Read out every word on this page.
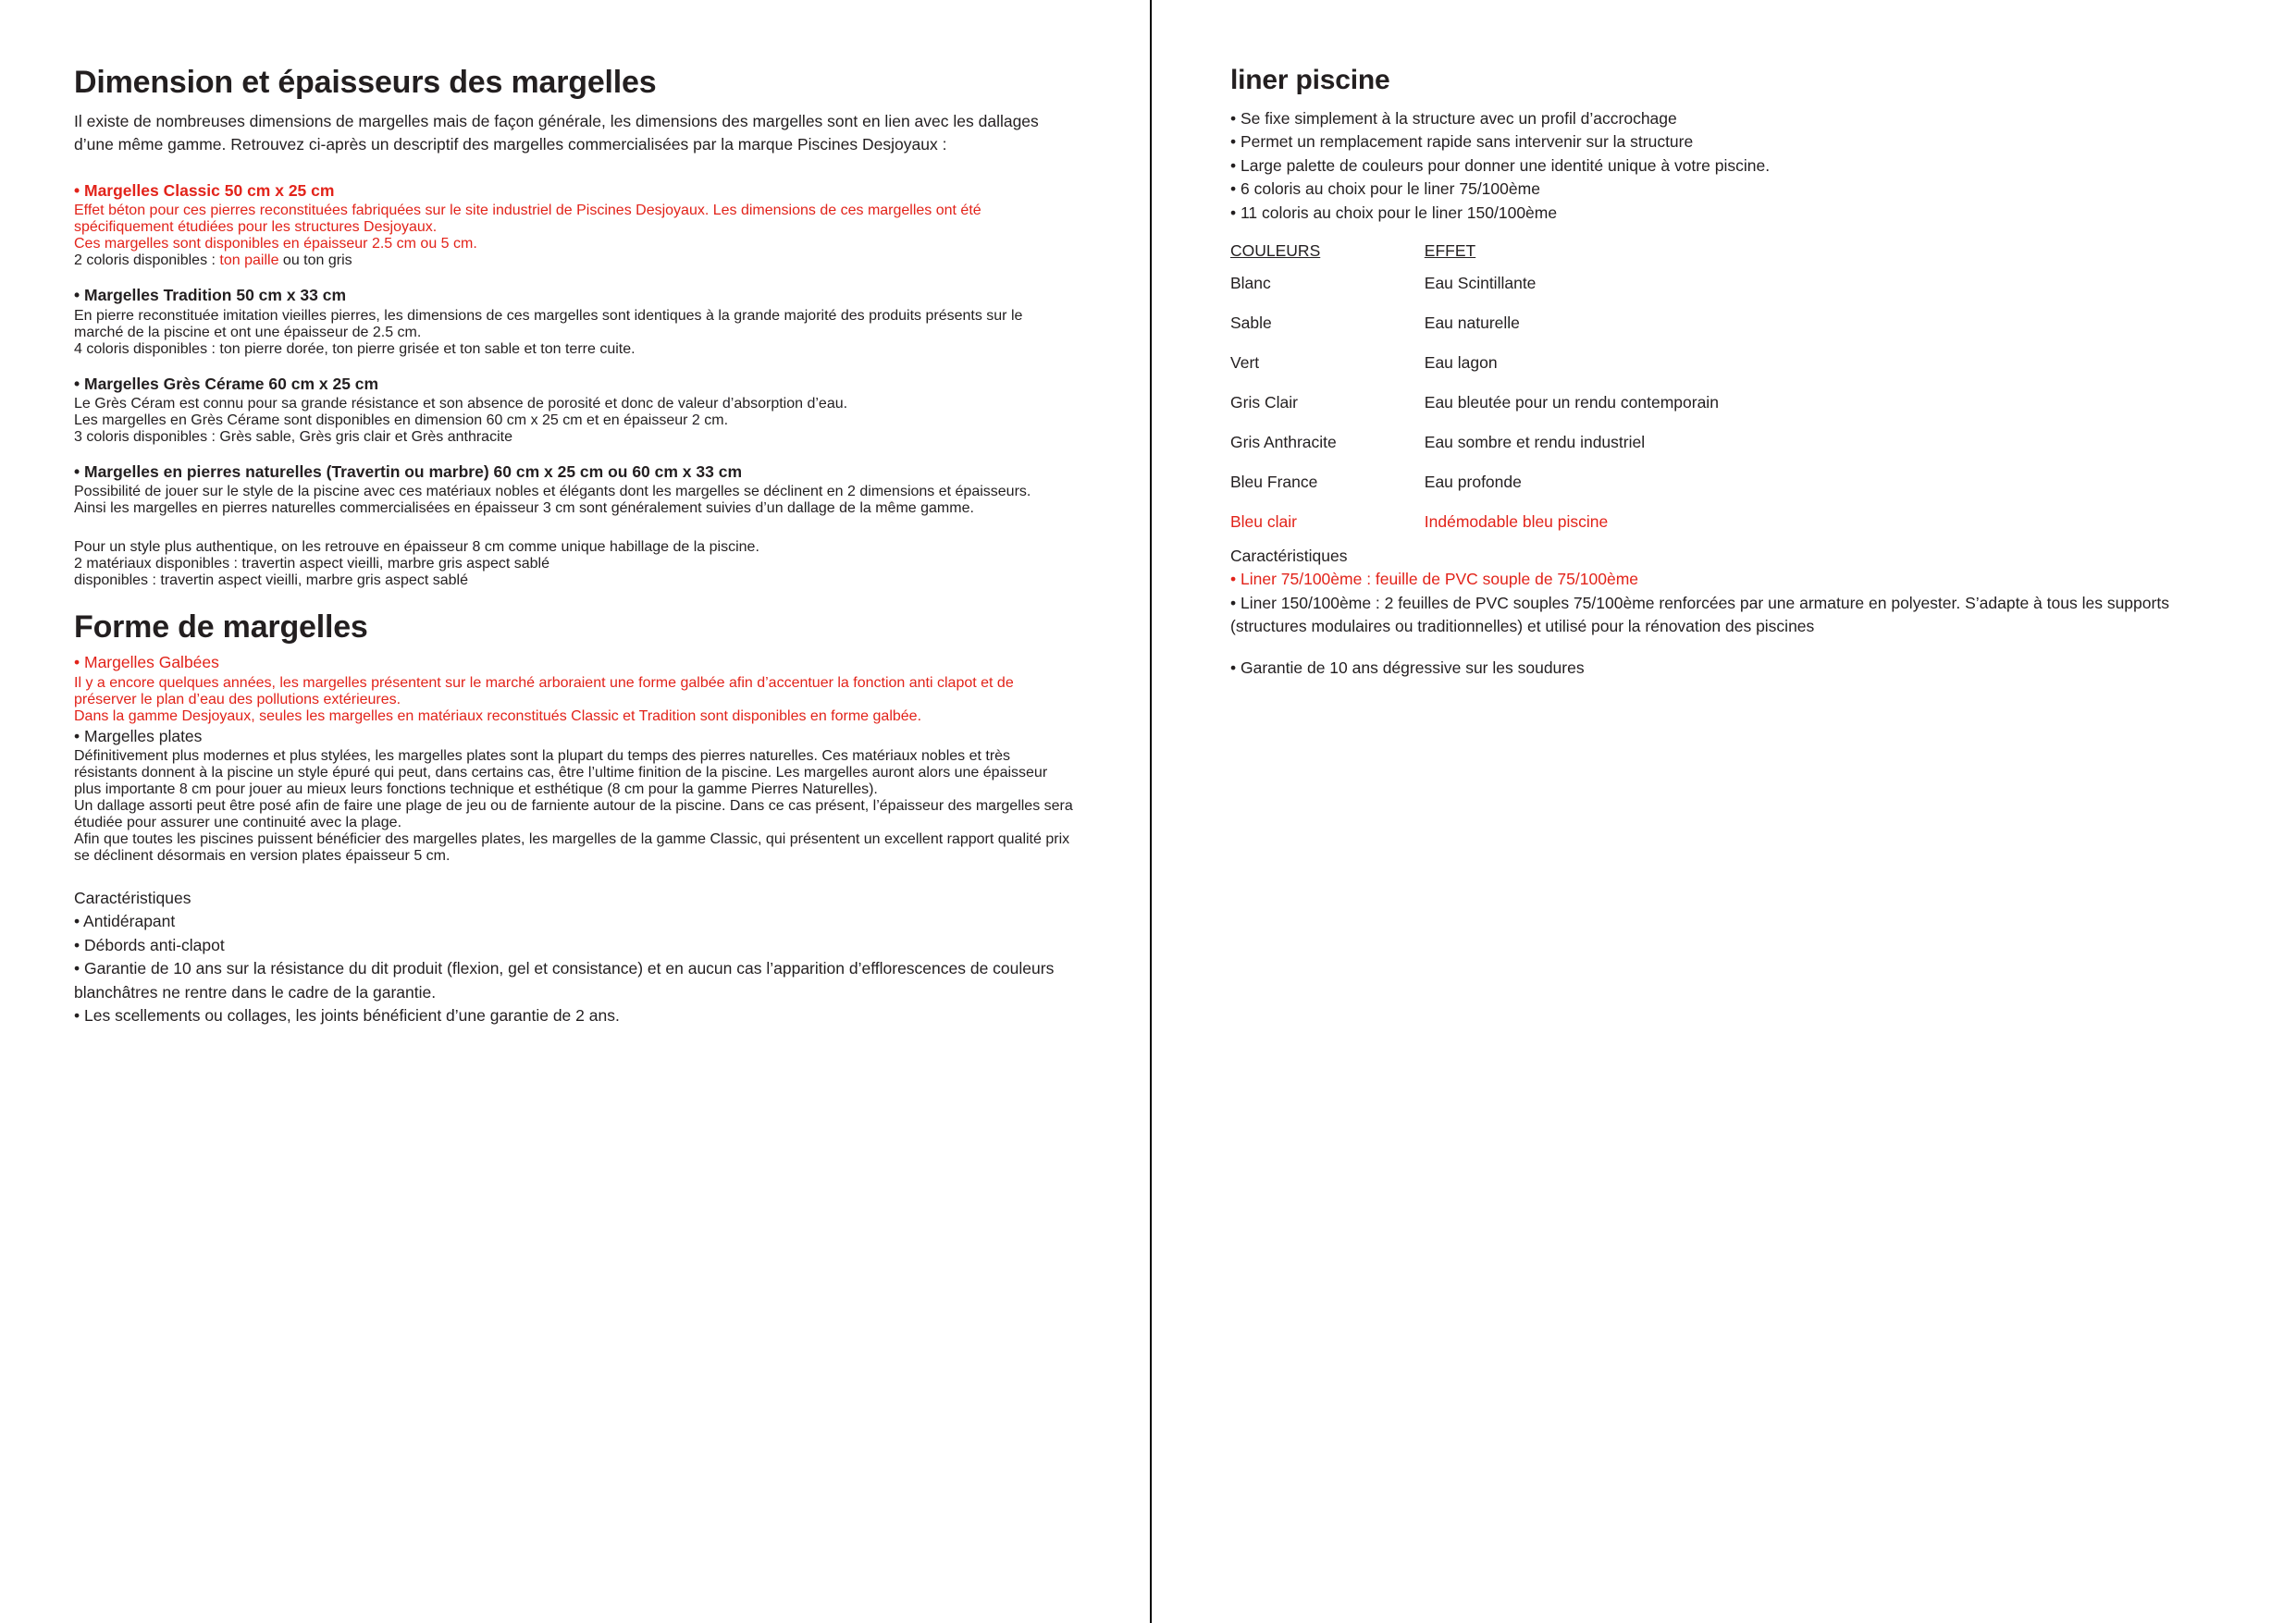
Dimension et épaisseurs des margelles

Il existe de nombreuses dimensions de margelles mais de façon générale, les dimensions des margelles sont en lien avec les dallages d’une même gamme. Retrouvez ci-après un descriptif des margelles commercialisées par la marque Piscines Desjoyaux :

• Margelles Classic 50 cm x 25 cm
Effet béton pour ces pierres reconstituées fabriquées sur le site industriel de Piscines Desjoyaux. Les dimensions de ces margelles ont été spécifiquement étudiées pour les structures Desjoyaux.
Ces margelles sont disponibles en épaisseur 2.5 cm ou 5 cm.
2 coloris disponibles : ton paille ou ton gris
• Margelles Tradition 50 cm x 33 cm
En pierre reconstituée imitation vieilles pierres, les dimensions de ces margelles sont identiques à la grande majorité des produits présents sur le marché de la piscine et ont une épaisseur de 2.5 cm.
4 coloris disponibles : ton pierre dorée, ton pierre grisée et ton sable et ton terre cuite.
• Margelles Grès Cérame 60 cm x 25 cm
Le Grès Céram est connu pour sa grande résistance et son absence de porosité et donc de valeur d’absorption d’eau.
Les margelles en Grès Cérame sont disponibles en dimension 60 cm x 25 cm et en épaisseur 2 cm.
3 coloris disponibles : Grès sable, Grès gris clair et Grès anthracite
• Margelles en pierres naturelles (Travertin ou marbre) 60 cm x 25 cm ou 60 cm x 33 cm
Possibilité de jouer sur le style de la piscine avec ces matériaux nobles et élégants dont les margelles se déclinent en 2 dimensions et épaisseurs.
Ainsi les margelles en pierres naturelles commercialisées en épaisseur 3 cm sont généralement suivies d’un dallage de la même gamme.
Pour un style plus authentique, on les retrouve en épaisseur 8 cm comme unique habillage de la piscine.
2 matériaux disponibles : travertin aspect vieilli, marbre gris aspect sablé
disponibles : travertin aspect vieilli, marbre gris aspect sablé
Forme de margelles
• Margelles Galbées
Il y a encore quelques années, les margelles présentent sur le marché arboraient une forme galbée afin d’accentuer la fonction anti clapot et de préserver le plan d’eau des pollutions extérieures.
Dans la gamme Desjoyaux, seules les margelles en matériaux reconstitués Classic et Tradition sont disponibles en forme galbée.
• Margelles plates
Définitivement plus modernes et plus stylées, les margelles plates sont la plupart du temps des pierres naturelles. Ces matériaux nobles et très résistants donnent à la piscine un style épuré qui peut, dans certains cas, être l’ultime finition de la piscine. Les margelles auront alors une épaisseur plus importante 8 cm pour jouer au mieux leurs fonctions technique et esthétique (8 cm pour la gamme Pierres Naturelles).
Un dallage assorti peut être posé afin de faire une plage de jeu ou de farniente autour de la piscine. Dans ce cas présent, l’épaisseur des margelles sera étudiée pour assurer une continuité avec la plage.
Afin que toutes les piscines puissent bénéficier des margelles plates, les margelles de la gamme Classic, qui présentent un excellent rapport qualité prix se déclinent désormais en version plates épaisseur 5 cm.
Caractéristiques
• Antidérapant
• Débords anti-clapot
• Garantie de 10 ans sur la résistance du dit produit (flexion, gel et consistance) et en aucun cas l’apparition d’efflorescences de couleurs blanchâtres ne rentre dans le cadre de la garantie.
• Les scellements ou collages, les joints bénéficient d’une garantie de 2 ans.
liner piscine
• Se fixe simplement à la structure avec un profil d’accrochage
• Permet un remplacement rapide sans intervenir sur la structure
• Large palette de couleurs pour donner une identité unique à votre piscine.
• 6 coloris au choix pour le liner 75/100ème
• 11 coloris au choix pour le liner 150/100ème
COULEURS	EFFET
Blanc	Eau Scintillante
Sable	Eau naturelle
Vert	Eau lagon
Gris Clair	Eau bleutée pour un rendu contemporain
Gris Anthracite	Eau sombre et rendu industriel
Bleu France	Eau profonde
Bleu clair	Indémodable bleu piscine
Caractéristiques
• Liner 75/100ème : feuille de PVC souple de 75/100ème
• Liner 150/100ème : 2 feuilles de PVC souples 75/100ème renforcées par une armature en polyester. S’adapte à tous les supports (structures modulaires ou traditionnelles) et utilisé pour la rénovation des piscines
• Garantie de 10 ans dégressive sur les soudures
